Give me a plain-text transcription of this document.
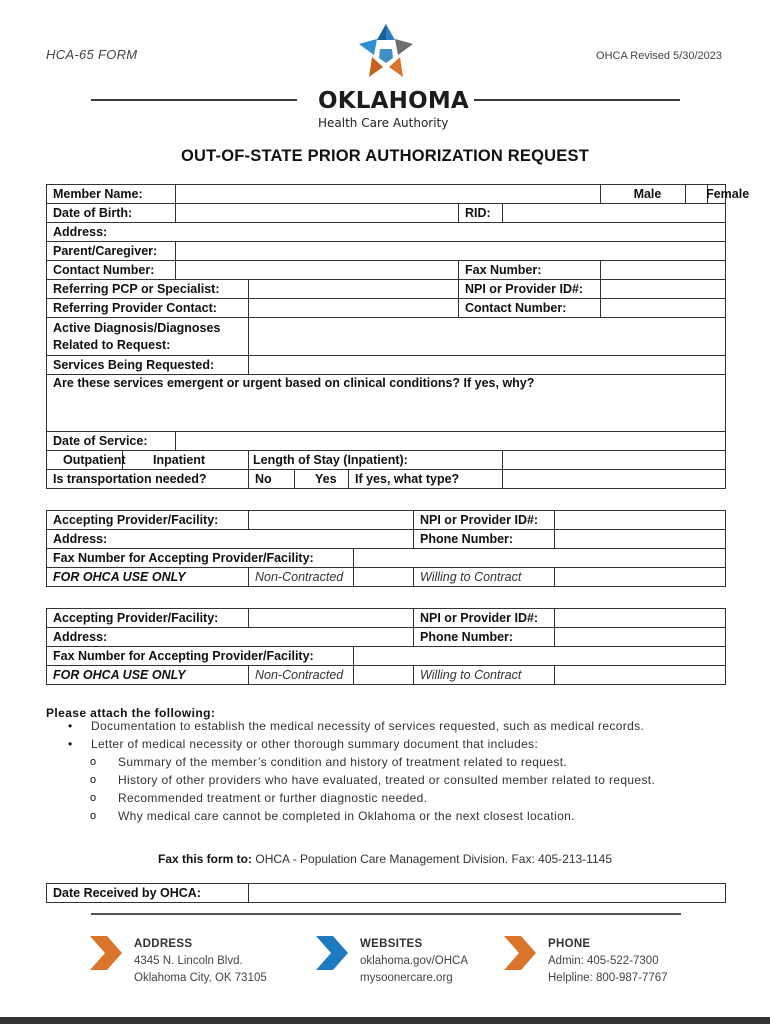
HCA-65 FORM	OHCA Revised 5/30/2023
OKLAHOMA
Health Care Authority
OUT-OF-STATE PRIOR AUTHORIZATION REQUEST
Member Name:									Male		Female
Date of Birth:						RID:					
Address:											
Parent/Caregiver:											
Contact Number:						Fax Number:					
Referring PCP or Specialist:						NPI or Provider ID#:					
Referring Provider Contact:						Contact Number:					

Active Diagnosis/Diagnoses
Related to Request:											

Services Being Requested:											
Are these services emergent or urgent based on clinical conditions? If yes, why?											
Date of Service:											
Outpatient	Inpatient		Length of Stay (Inpatient):								
Is transportation needed?			No	Yes	If yes, what type?						
Accepting Provider/Facility:			NPI or Provider ID#:	
Address:			Phone Number:	
Fax Number for Accepting Provider/Facility:				
FOR OHCA USE ONLY	Non-Contracted		Willing to Contract	
Accepting Provider/Facility:			NPI or Provider ID#:	
Address:			Phone Number:	
Fax Number for Accepting Provider/Facility:				
FOR OHCA USE ONLY	Non-Contracted		Willing to Contract	
Please attach the following:
• Documentation to establish the medical necessity of services requested, such as medical records.
• Letter of medical necessity or other thorough summary document that includes:
o Summary of the member’s condition and history of treatment related to request.
o History of other providers who have evaluated, treated or consulted member related to request.
o Recommended treatment or further diagnostic needed.
o Why medical care cannot be completed in Oklahoma or the next closest location.
Fax this form to: OHCA - Population Care Management Division. Fax: 405-213-1145
Date Received by OHCA:	
ADDRESS
4345 N. Lincoln Blvd.
Oklahoma City, OK 73105
WEBSITES
oklahoma.gov/OHCA
mysoonercare.org
PHONE
Admin: 405-522-7300
Helpline: 800-987-7767
